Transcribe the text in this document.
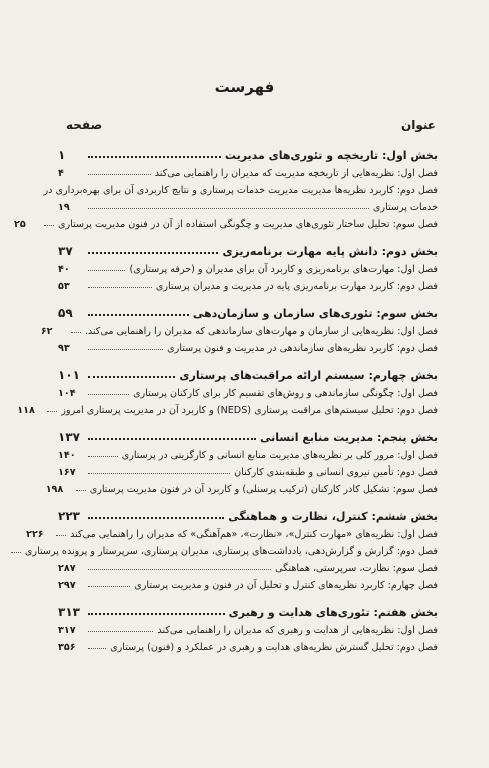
فهرست
عنوان
صفحه
بخش اول: تاریخچه و تئوری‌های مدیریت
۱
فصل اول: نظریه‌هایی از تاریخچه مدیریت که مدیران را راهنمایی می‌کند
۴
فصل دوم: کاربرد نظریه‌ها مدیریت مدیریت خدمات پرستاری و نتایج کاربردی آن برای بهره‌برداری در
خدمات پرستاری
۱۹
فصل سوم: تحلیل ساختار تئوری‌های مدیریت و چگونگی استفاده از آن در فنون مدیریت پرستاری
۲۵
بخش دوم: دانش پایه مهارت برنامه‌ریزی
۳۷
فصل اول: مهارت‌های برنامه‌ریزی و کاربرد آن برای مدیران و (حرفه پرستاری)
۴۰
فصل دوم: کاربرد مهارت برنامه‌ریزی پایه در مدیریت و مدیران پرستاری
۵۳
بخش سوم: تئوری‌های سازمان و سازمان‌دهی
۵۹
فصل اول: نظریه‌هایی از سازمان و مهارت‌های سازماندهی که مدیران را راهنمایی می‌کند.
۶۲
فصل دوم: کاربرد نظریه‌های سازماندهی در مدیریت و فنون پرستاری
۹۳
بخش چهارم: سیستم ارائه مراقبت‌های پرستاری
۱۰۱
فصل اول: چگونگی سازماندهی و روش‌های تقسیم کار برای کارکنان پرستاری
۱۰۴
فصل دوم: تحلیل سیستم‌های مراقبت پرستاری (NEDS) و کاربرد آن در مدیریت پرستاری امروز
۱۱۸
بخش پنجم: مدیریت منابع انسانی
۱۳۷
فصل اول: مرور کلی بر نظریه‌های مدیریت منابع انسانی و کارگزینی در پرستاری
۱۴۰
فصل دوم: تأمین نیروی انسانی و طبقه‌بندی کارکنان
۱۶۷
فصل سوم: تشکیل کادر کارکنان (ترکیب پرسنلی) و کاربرد آن در فنون مدیریت پرستاری
۱۹۸
بخش ششم: کنترل، نظارت و هماهنگی
۲۲۳
فصل اول: نظریه‌های «مهارت کنترل»، «نظارت»، «هم‌آهنگی» که مدیران را راهنمایی می‌کند
۲۲۶
فصل دوم: گزارش و گزارش‌دهی، یادداشت‌های پرستاری، مدیران پرستاری، سرپرستار و پرونده پرستاری
فصل سوم: نظارت، سرپرستی، هماهنگی
۲۸۷
فصل چهارم: کاربرد نظریه‌های کنترل و تحلیل آن در فنون و مدیریت پرستاری
۲۹۷
بخش هفتم: تئوری‌های هدایت و رهبری
۳۱۳
فصل اول: نظریه‌هایی از هدایت و رهبری که مدیران را راهنمایی می‌کند
۳۱۷
فصل دوم: تحلیل گسترش نظریه‌های هدایت و رهبری در عملکرد و (فنون) پرستاری
۳۵۶
